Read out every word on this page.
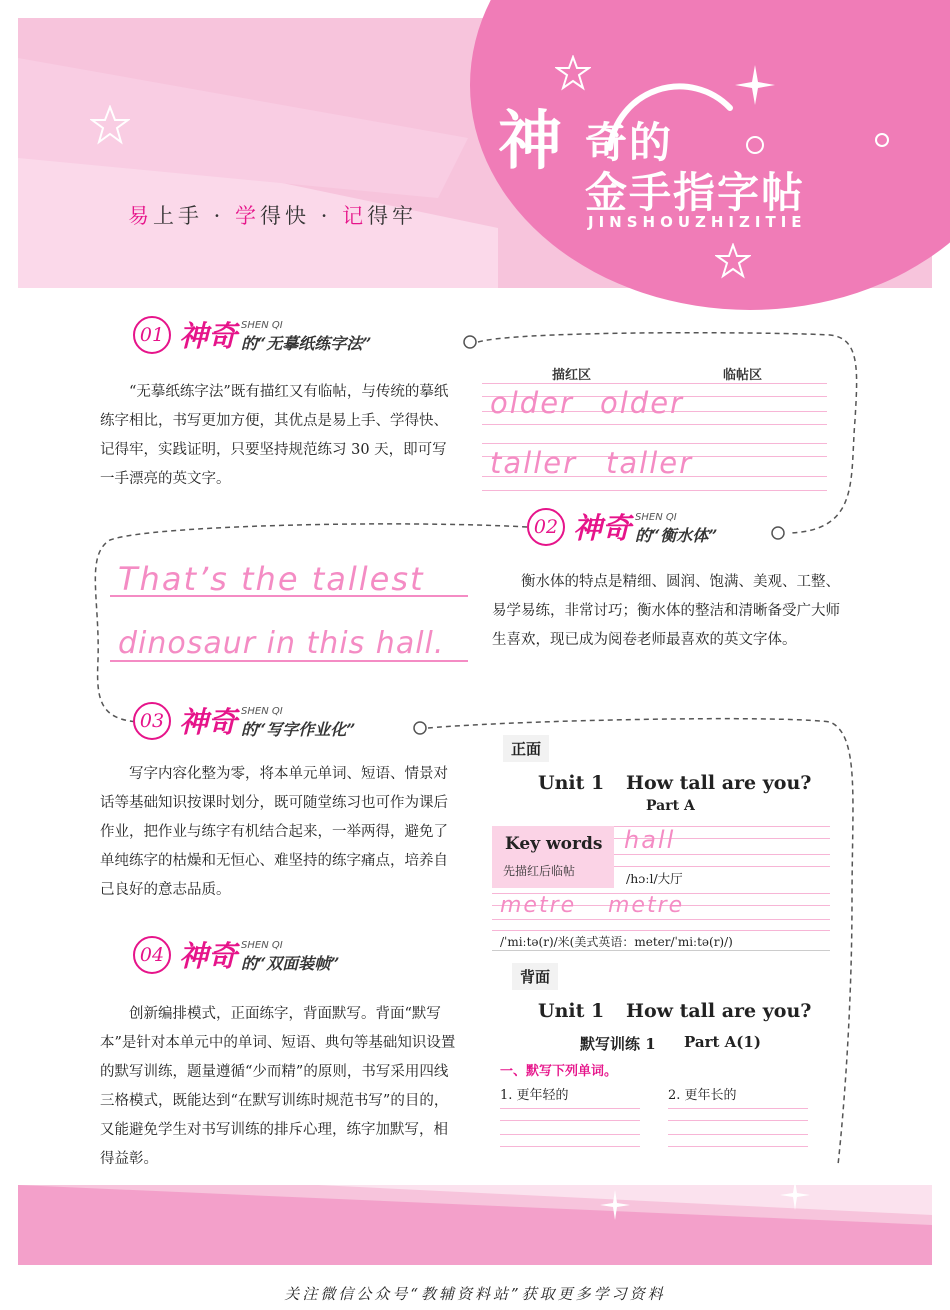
神 奇的
金手指字帖
JINSHOUZHIZITIE
易上手 · 学得快 · 记得牢
01 神奇 SHEN QI
的“无摹纸练字法”
“无摹纸练字法”既有描红又有临帖，与传统的摹纸练字相比，书写更加方便，其优点是易上手、学得快、记得牢，实践证明，只要坚持规范练习 30 天，即可写一手漂亮的英文字。
描红区	临帖区
older older
taller taller
02 神奇 SHEN QI
的“衡水体”
衡水体的特点是精细、圆润、饱满、美观、工整、易学易练，非常讨巧；衡水体的整洁和清晰备受广大师生喜欢，现已成为阅卷老师最喜欢的英文字体。
That’s the tallest
dinosaur in this hall.
03 神奇 SHEN QI
的“写字作业化”
写字内容化整为零，将本单元单词、短语、情景对话等基础知识按课时划分，既可随堂练习也可作为课后作业，把作业与练字有机结合起来，一举两得，避免了单纯练字的枯燥和无恒心、难坚持的练字痛点，培养自己良好的意志品质。
04 神奇 SHEN QI
的“双面装帧”
创新编排模式，正面练字，背面默写。背面“默写本”是针对本单元中的单词、短语、典句等基础知识设置的默写训练，题量遵循“少而精”的原则，书写采用四线三格模式，既能达到“在默写训练时规范书写”的目的，又能避免学生对书写训练的排斥心理，练字加默写，相得益彰。
正面
Unit 1 How tall are you?
Part A
Key words
先描红后临帖
hall
/hɔːl/大厅
metre metre
/ˈmiːtə(r)/米(美式英语：meter/ˈmiːtə(r)/)
背面
Unit 1 How tall are you?
默写训练 1 Part A(1)
一、默写下列单词。
1. 更年轻的	2. 更年长的
关注微信公众号“教辅资料站”获取更多学习资料
